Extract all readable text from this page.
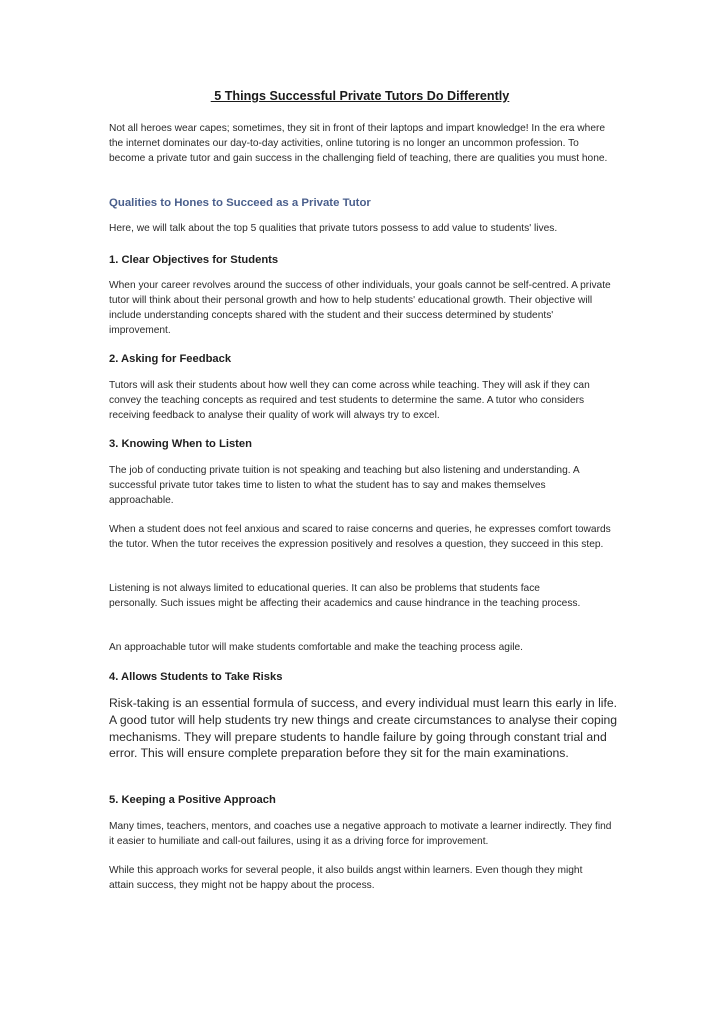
5 Things Successful Private Tutors Do Differently

Not all heroes wear capes; sometimes, they sit in front of their laptops and impart knowledge! In the era where the internet dominates our day-to-day activities, online tutoring is no longer an uncommon profession. To become a private tutor and gain success in the challenging field of teaching, there are qualities you must hone.

Qualities to Hones to Succeed as a Private Tutor

Here, we will talk about the top 5 qualities that private tutors possess to add value to students' lives.

1. Clear Objectives for Students

When your career revolves around the success of other individuals, your goals cannot be self-centred. A private tutor will think about their personal growth and how to help students' educational growth. Their objective will include understanding concepts shared with the student and their success determined by students' improvement.

2. Asking for Feedback

Tutors will ask their students about how well they can come across while teaching. They will ask if they can convey the teaching concepts as required and test students to determine the same. A tutor who considers receiving feedback to analyse their quality of work will always try to excel.

3. Knowing When to Listen

The job of conducting private tuition is not speaking and teaching but also listening and understanding. A successful private tutor takes time to listen to what the student has to say and makes themselves approachable.

When a student does not feel anxious and scared to raise concerns and queries, he expresses comfort towards the tutor. When the tutor receives the expression positively and resolves a question, they succeed in this step.

Listening is not always limited to educational queries. It can also be problems that students face personally. Such issues might be affecting their academics and cause hindrance in the teaching process.

An approachable tutor will make students comfortable and make the teaching process agile.

4. Allows Students to Take Risks

Risk-taking is an essential formula of success, and every individual must learn this early in life. A good tutor will help students try new things and create circumstances to analyse their coping mechanisms. They will prepare students to handle failure by going through constant trial and error. This will ensure complete preparation before they sit for the main examinations.

5. Keeping a Positive Approach

Many times, teachers, mentors, and coaches use a negative approach to motivate a learner indirectly. They find it easier to humiliate and call-out failures, using it as a driving force for improvement.

While this approach works for several people, it also builds angst within learners. Even though they might attain success, they might not be happy about the process.
